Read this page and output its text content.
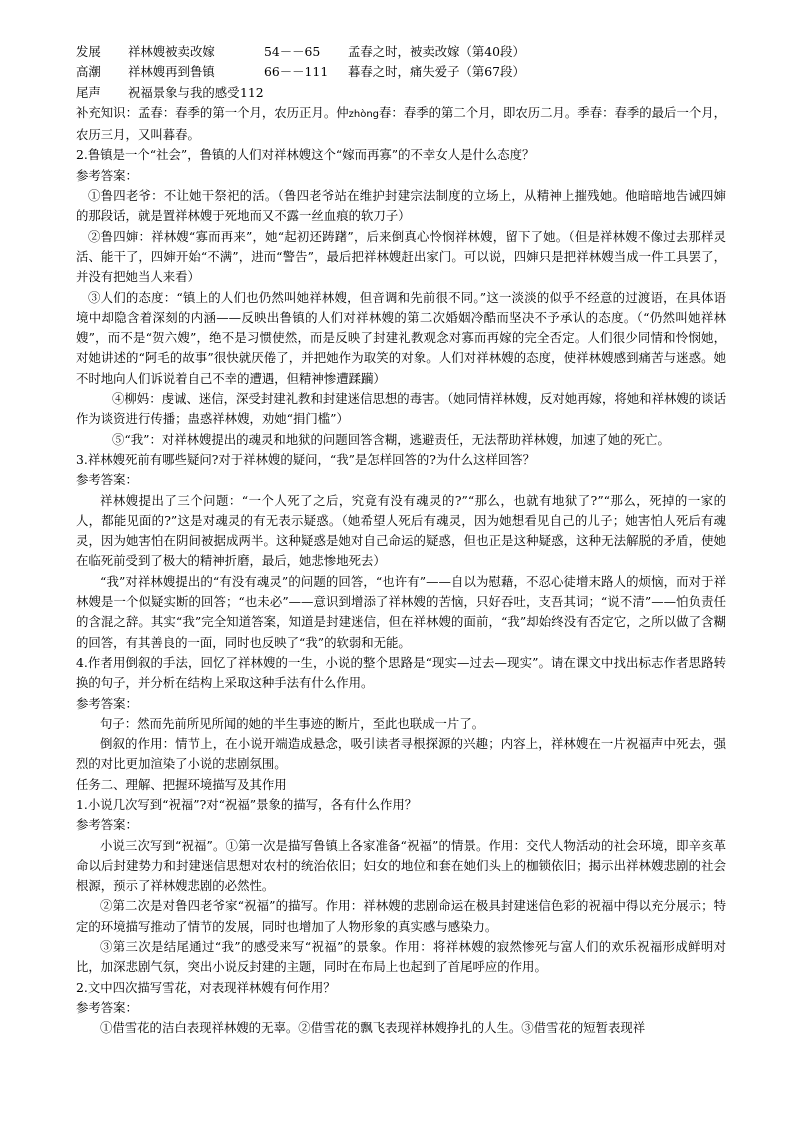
发展	祥林嫂被卖改嫁	54－－65	孟春之时，被卖改嫁（第40段）
高潮	祥林嫂再到鲁镇	66－－111	暮春之时，痛失爱子（第67段）
尾声	祝福景象与我的感受 112

补充知识：孟春：春季的第一个月，农历正月。仲zhòng春：春季的第二个月，即农历二月。季春：春季的最后一个月，农历三月，又叫暮春。

2.鲁镇是一个“社会”，鲁镇的人们对祥林嫂这个“嫁而再寡”的不幸女人是什么态度？

参考答案：

①鲁四老爷：不让她干祭祀的活。（鲁四老爷站在维护封建宗法制度的立场上，从精神上摧残她。他暗暗地告诫四婶的那段话，就是置祥林嫂于死地而又不露一丝血痕的软刀子）

②鲁四婶：祥林嫂“寡而再来”，她“起初还踌躇”，后来倒真心怜悯祥林嫂，留下了她。（但是祥林嫂不像过去那样灵活、能干了，四婶开始“不满”，进而“警告”，最后把祥林嫂赶出家门。可以说，四婶只是把祥林嫂当成一件工具罢了，并没有把她当人来看）

③人们的态度：“镇上的人们也仍然叫她祥林嫂，但音调和先前很不同。”这一淡淡的似乎不经意的过渡语，在具体语境中却隐含着深刻的内涵——反映出鲁镇的人们对祥林嫂的第二次婚姻冷酷而坚决不予承认的态度。（“仍然叫她祥林嫂”，而不是“贺六嫂”，绝不是习惯使然，而是反映了封建礼教观念对寡而再嫁的完全否定。人们很少同情和怜悯她，对她讲述的“阿毛的故事”很快就厌倦了，并把她作为取笑的对象。人们对祥林嫂的态度，使祥林嫂感到痛苦与迷惑。她不时地向人们诉说着自己不幸的遭遇，但精神惨遭蹂躏）

④柳妈：虔诚、迷信，深受封建礼教和封建迷信思想的毒害。（她同情祥林嫂，反对她再嫁，将她和祥林嫂的谈话作为谈资进行传播；蛊惑祥林嫂，劝她“捐门槛”）

⑤“我”：对祥林嫂提出的魂灵和地狱的问题回答含糊，逃避责任，无法帮助祥林嫂，加速了她的死亡。

3.祥林嫂死前有哪些疑问?对于祥林嫂的疑问，“我”是怎样回答的?为什么这样回答？

参考答案：

祥林嫂提出了三个问题：“一个人死了之后，究竟有没有魂灵的?”“那么，也就有地狱了?”“那么，死掉的一家的人，都能见面的?”这是对魂灵的有无表示疑惑。（她希望人死后有魂灵，因为她想看见自己的儿子；她害怕人死后有魂灵，因为她害怕在阴间被据成两半。这种疑惑是她对自己命运的疑惑，但也正是这种疑惑，这种无法解脱的矛盾，使她在临死前受到了极大的精神折磨，最后，她悲惨地死去）

“我”对祥林嫂提出的“有没有魂灵”的问题的回答，“也许有”——自以为慰藉，不忍心徒增末路人的烦恼，而对于祥林嫂是一个似疑实断的回答；“也未必”——意识到增添了祥林嫂的苦恼，只好吞吐，支吾其词；“说不清”——怕负责任的含混之辞。其实“我”完全知道答案，知道是封建迷信，但在祥林嫂的面前，“我”却始终没有否定它，之所以做了含糊的回答，有其善良的一面，同时也反映了“我”的软弱和无能。

4.作者用倒叙的手法，回忆了祥林嫂的一生，小说的整个思路是“现实—过去—现实”。请在课文中找出标志作者思路转换的句子，并分析在结构上采取这种手法有什么作用。

参考答案：

句子：然而先前所见所闻的她的半生事迹的断片，至此也联成一片了。

倒叙的作用：情节上，在小说开端造成悬念，吸引读者寻根探源的兴趣；内容上，祥林嫂在一片祝福声中死去，强烈的对比更加渲染了小说的悲剧氛围。

任务二、理解、把握环境描写及其作用

1.小说几次写到“祝福”?对“祝福”景象的描写，各有什么作用？

参考答案：

小说三次写到“祝福”。①第一次是描写鲁镇上各家准备“祝福”的情景。作用：交代人物活动的社会环境，即辛亥革命以后封建势力和封建迷信思想对农村的统治依旧；妇女的地位和套在她们头上的枷锁依旧；揭示出祥林嫂悲剧的社会根源，预示了祥林嫂悲剧的必然性。

②第二次是对鲁四老爷家“祝福”的描写。作用：祥林嫂的悲剧命运在极具封建迷信色彩的祝福中得以充分展示；特定的环境描写推动了情节的发展，同时也增加了人物形象的真实感与感染力。

③第三次是结尾通过“我”的感受来写“祝福”的景象。作用：将祥林嫂的寂然惨死与富人们的欢乐祝福形成鲜明对比，加深悲剧气氛，突出小说反封建的主题，同时在布局上也起到了首尾呼应的作用。

2.文中四次描写雪花，对表现祥林嫂有何作用？

参考答案：

①借雪花的洁白表现祥林嫂的无辜。②借雪花的飘飞表现祥林嫂挣扎的人生。③借雪花的短暂表现祥
